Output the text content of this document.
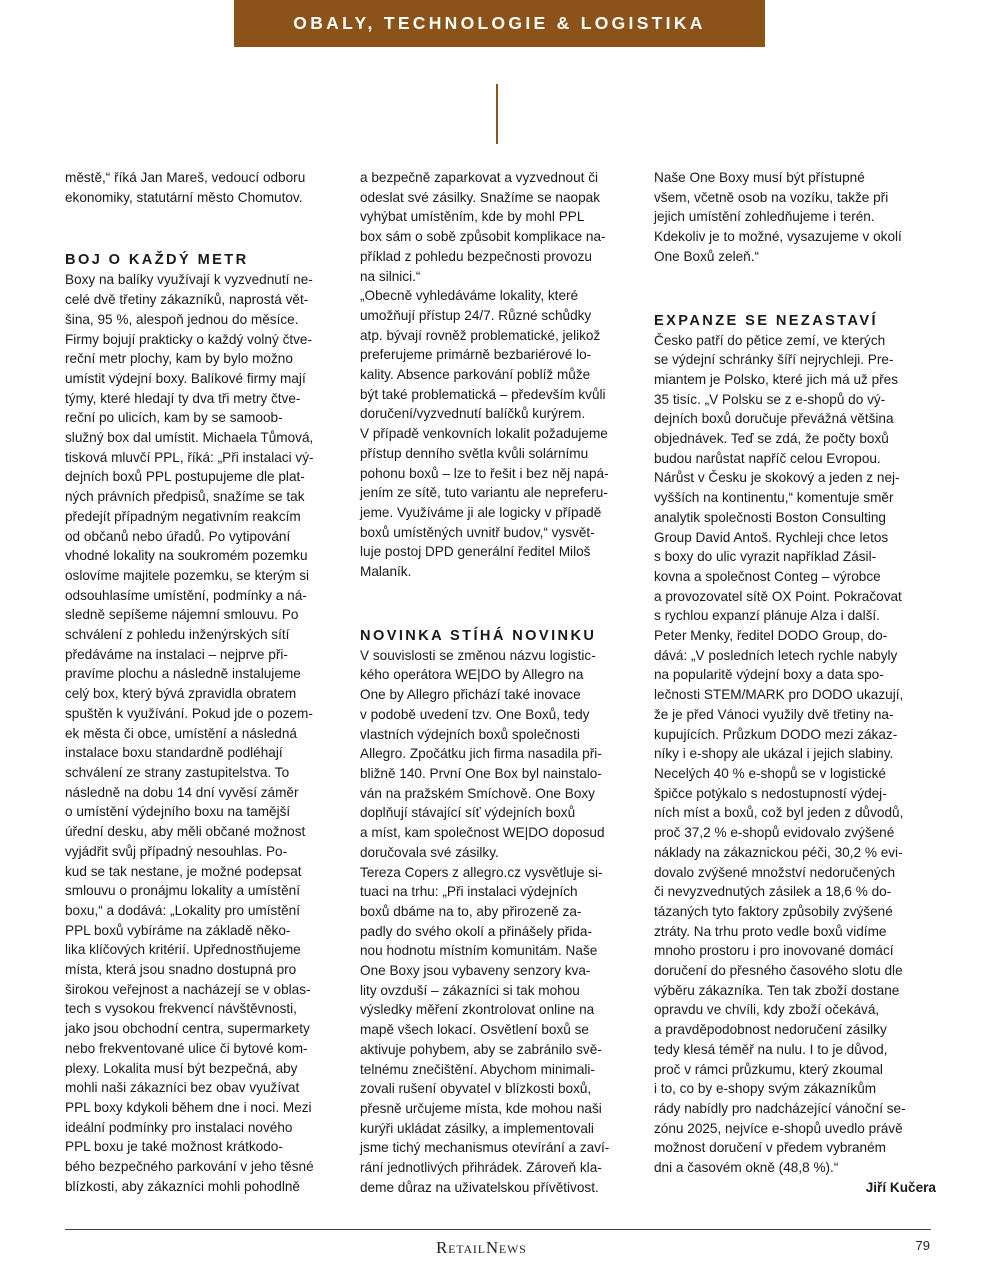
OBALY, TECHNOLOGIE & LOGISTIKA

městě,“ říká Jan Mareš, vedoucí odboru
ekonomiky, statutární město Chomutov.

BOJ O KAŽDÝ METR

Boxy na balíky využívají k vyzvednutí ne-
celé dvě třetiny zákazníků, naprostá vět-
šina, 95 %, alespoň jednou do měsíce.
Firmy bojují prakticky o každý volný čtve-
reční metr plochy, kam by bylo možno
umístit výdejní boxy. Balíkové firmy mají
týmy, které hledají ty dva tři metry čtve-
reční po ulicích, kam by se samoob-
služný box dal umístit. Michaela Tůmová,
tisková mluvčí PPL, říká: „Při instalaci vý-
dejních boxů PPL postupujeme dle plat-
ných právních předpisů, snažíme se tak
předejít případným negativním reakcím
od občanů nebo úřadů. Po vytipování
vhodné lokality na soukromém pozemku
oslovíme majitele pozemku, se kterým si
odsouhlasíme umístění, podmínky a ná-
sledně sepíšeme nájemní smlouvu. Po
schválení z pohledu inženýrských sítí
předáváme na instalaci – nejprve při-
pravíme plochu a následně instalujeme
celý box, který bývá zpravidla obratem
spuštěn k využívání. Pokud jde o pozem-
ek města či obce, umístění a následná
instalace boxu standardně podléhají
schválení ze strany zastupitelstva. To
následně na dobu 14 dní vyvěsí záměr
o umístění výdejního boxu na tamější
úřední desku, aby měli občané možnost
vyjádřit svůj případný nesouhlas. Po-
kud se tak nestane, je možné podepsat
smlouvu o pronájmu lokality a umístění
boxu,“ a dodává: „Lokality pro umístění
PPL boxů vybíráme na základě něko-
lika klíčových kritérií. Upřednostňujeme
místa, která jsou snadno dostupná pro
širokou veřejnost a nacházejí se v oblas-
tech s vysokou frekvencí návštěvnosti,
jako jsou obchodní centra, supermarkety
nebo frekventované ulice či bytové kom-
plexy. Lokalita musí být bezpečná, aby
mohli naši zákazníci bez obav využívat
PPL boxy kdykoli během dne i noci. Mezi
ideální podmínky pro instalaci nového
PPL boxu je také možnost krátkodo-
bého bezpečného parkování v jeho těsné
blízkosti, aby zákazníci mohli pohodlně

a bezpečně zaparkovat a vyzvednout či
odeslat své zásilky. Snažíme se naopak
vyhýbat umístěním, kde by mohl PPL
box sám o sobě způsobit komplikace na-
příklad z pohledu bezpečnosti provozu
na silnici.“
„Obecně vyhledáváme lokality, které
umožňují přístup 24/7. Různé schůdky
atp. bývají rovněž problematické, jelikož
preferujeme primárně bezbariérové lo-
kality. Absence parkování poblíž může
být také problematická – především kvůli
doručení/vyzvednutí balíčků kurýrem.
V případě venkovních lokalit požadujeme
přístup denního světla kvůli solárnímu
pohonu boxů – lze to řešit i bez něj napá-
jením ze sítě, tuto variantu ale nepreferu-
jeme. Využíváme ji ale logicky v případě
boxů umístěných uvnitř budov,“ vysvět-
luje postoj DPD generální ředitel Miloš
Malaník.

NOVINKA STÍHÁ NOVINKU

V souvislosti se změnou názvu logistic-
kého operátora WE|DO by Allegro na
One by Allegro přichází také inovace
v podobě uvedení tzv. One Boxů, tedy
vlastních výdejních boxů společnosti
Allegro. Zpočátku jich firma nasadila při-
bližně 140. První One Box byl nainstalo-
ván na pražském Smíchově. One Boxy
doplňují stávající síť výdejních boxů
a míst, kam společnost WE|DO doposud
doručovala své zásilky.
Tereza Copers z allegro.cz vysvětluje si-
tuaci na trhu: „Při instalaci výdejních
boxů dbáme na to, aby přirozeně za-
padly do svého okolí a přinášely přida-
nou hodnotu místním komunitám. Naše
One Boxy jsou vybaveny senzory kva-
lity ovzduší – zákazníci si tak mohou
výsledky měření zkontrolovat online na
mapě všech lokací. Osvětlení boxů se
aktivuje pohybem, aby se zabránilo svě-
telnému znečištění. Abychom minimali-
zovali rušení obyvatel v blízkosti boxů,
přesně určujeme místa, kde mohou naši
kurýři ukládat zásilky, a implementovali
jsme tichý mechanismus otevírání a zaví-
rání jednotlivých přihrádek. Zároveň kla-
deme důraz na uživatelskou přívětivost.

Naše One Boxy musí být přístupné
všem, včetně osob na vozíku, takže při
jejich umístění zohledňujeme i terén.
Kdekoliv je to možné, vysazujeme v okolí
One Boxů zeleň.“

EXPANZE SE NEZASTAVÍ

Česko patří do pětice zemí, ve kterých
se výdejní schránky šíří nejrychleji. Pre-
miantem je Polsko, které jich má už přes
35 tisíc. „V Polsku se z e-shopů do vý-
dejních boxů doručuje převážná většina
objednávek. Teď se zdá, že počty boxů
budou narůstat napříč celou Evropou.
Nárůst v Česku je skokový a jeden z nej-
vyšších na kontinentu,“ komentuje směr
analytik společnosti Boston Consulting
Group David Antoš. Rychleji chce letos
s boxy do ulic vyrazit například Zásil-
kovna a společnost Conteg – výrobce
a provozovatel sítě OX Point. Pokračovat
s rychlou expanzí plánuje Alza i další.
Peter Menky, ředitel DODO Group, do-
dává: „V posledních letech rychle nabyly
na popularitě výdejní boxy a data spo-
lečnosti STEM/MARK pro DODO ukazují,
že je před Vánoci využily dvě třetiny na-
kupujících. Průzkum DODO mezi zákaz-
níky i e-shopy ale ukázal i jejich slabiny.
Necelých 40 % e-shopů se v logistické
špičce potýkalo s nedostupností výdej-
ních míst a boxů, což byl jeden z důvodů,
proč 37,2 % e-shopů evidovalo zvýšené
náklady na zákaznickou péči, 30,2 % evi-
dovalo zvýšené množství nedoručených
či nevyzvednutých zásilek a 18,6 % do-
tázaných tyto faktory způsobily zvýšené
ztráty. Na trhu proto vedle boxů vidíme
mnoho prostoru i pro inovované domácí
doručení do přesného časového slotu dle
výběru zákazníka. Ten tak zboží dostane
opravdu ve chvíli, kdy zboží očekává,
a pravděpodobnost nedoručení zásilky
tedy klesá téměř na nulu. I to je důvod,
proč v rámci průzkumu, který zkoumal
i to, co by e-shopy svým zákazníkům
rády nabídly pro nadcházející vánoční se-
zónu 2025, nejvíce e-shopů uvedlo právě
možnost doručení v předem vybraném
dni a časovém okně (48,8 %).“

Jiří Kučera

RetailNews	79
